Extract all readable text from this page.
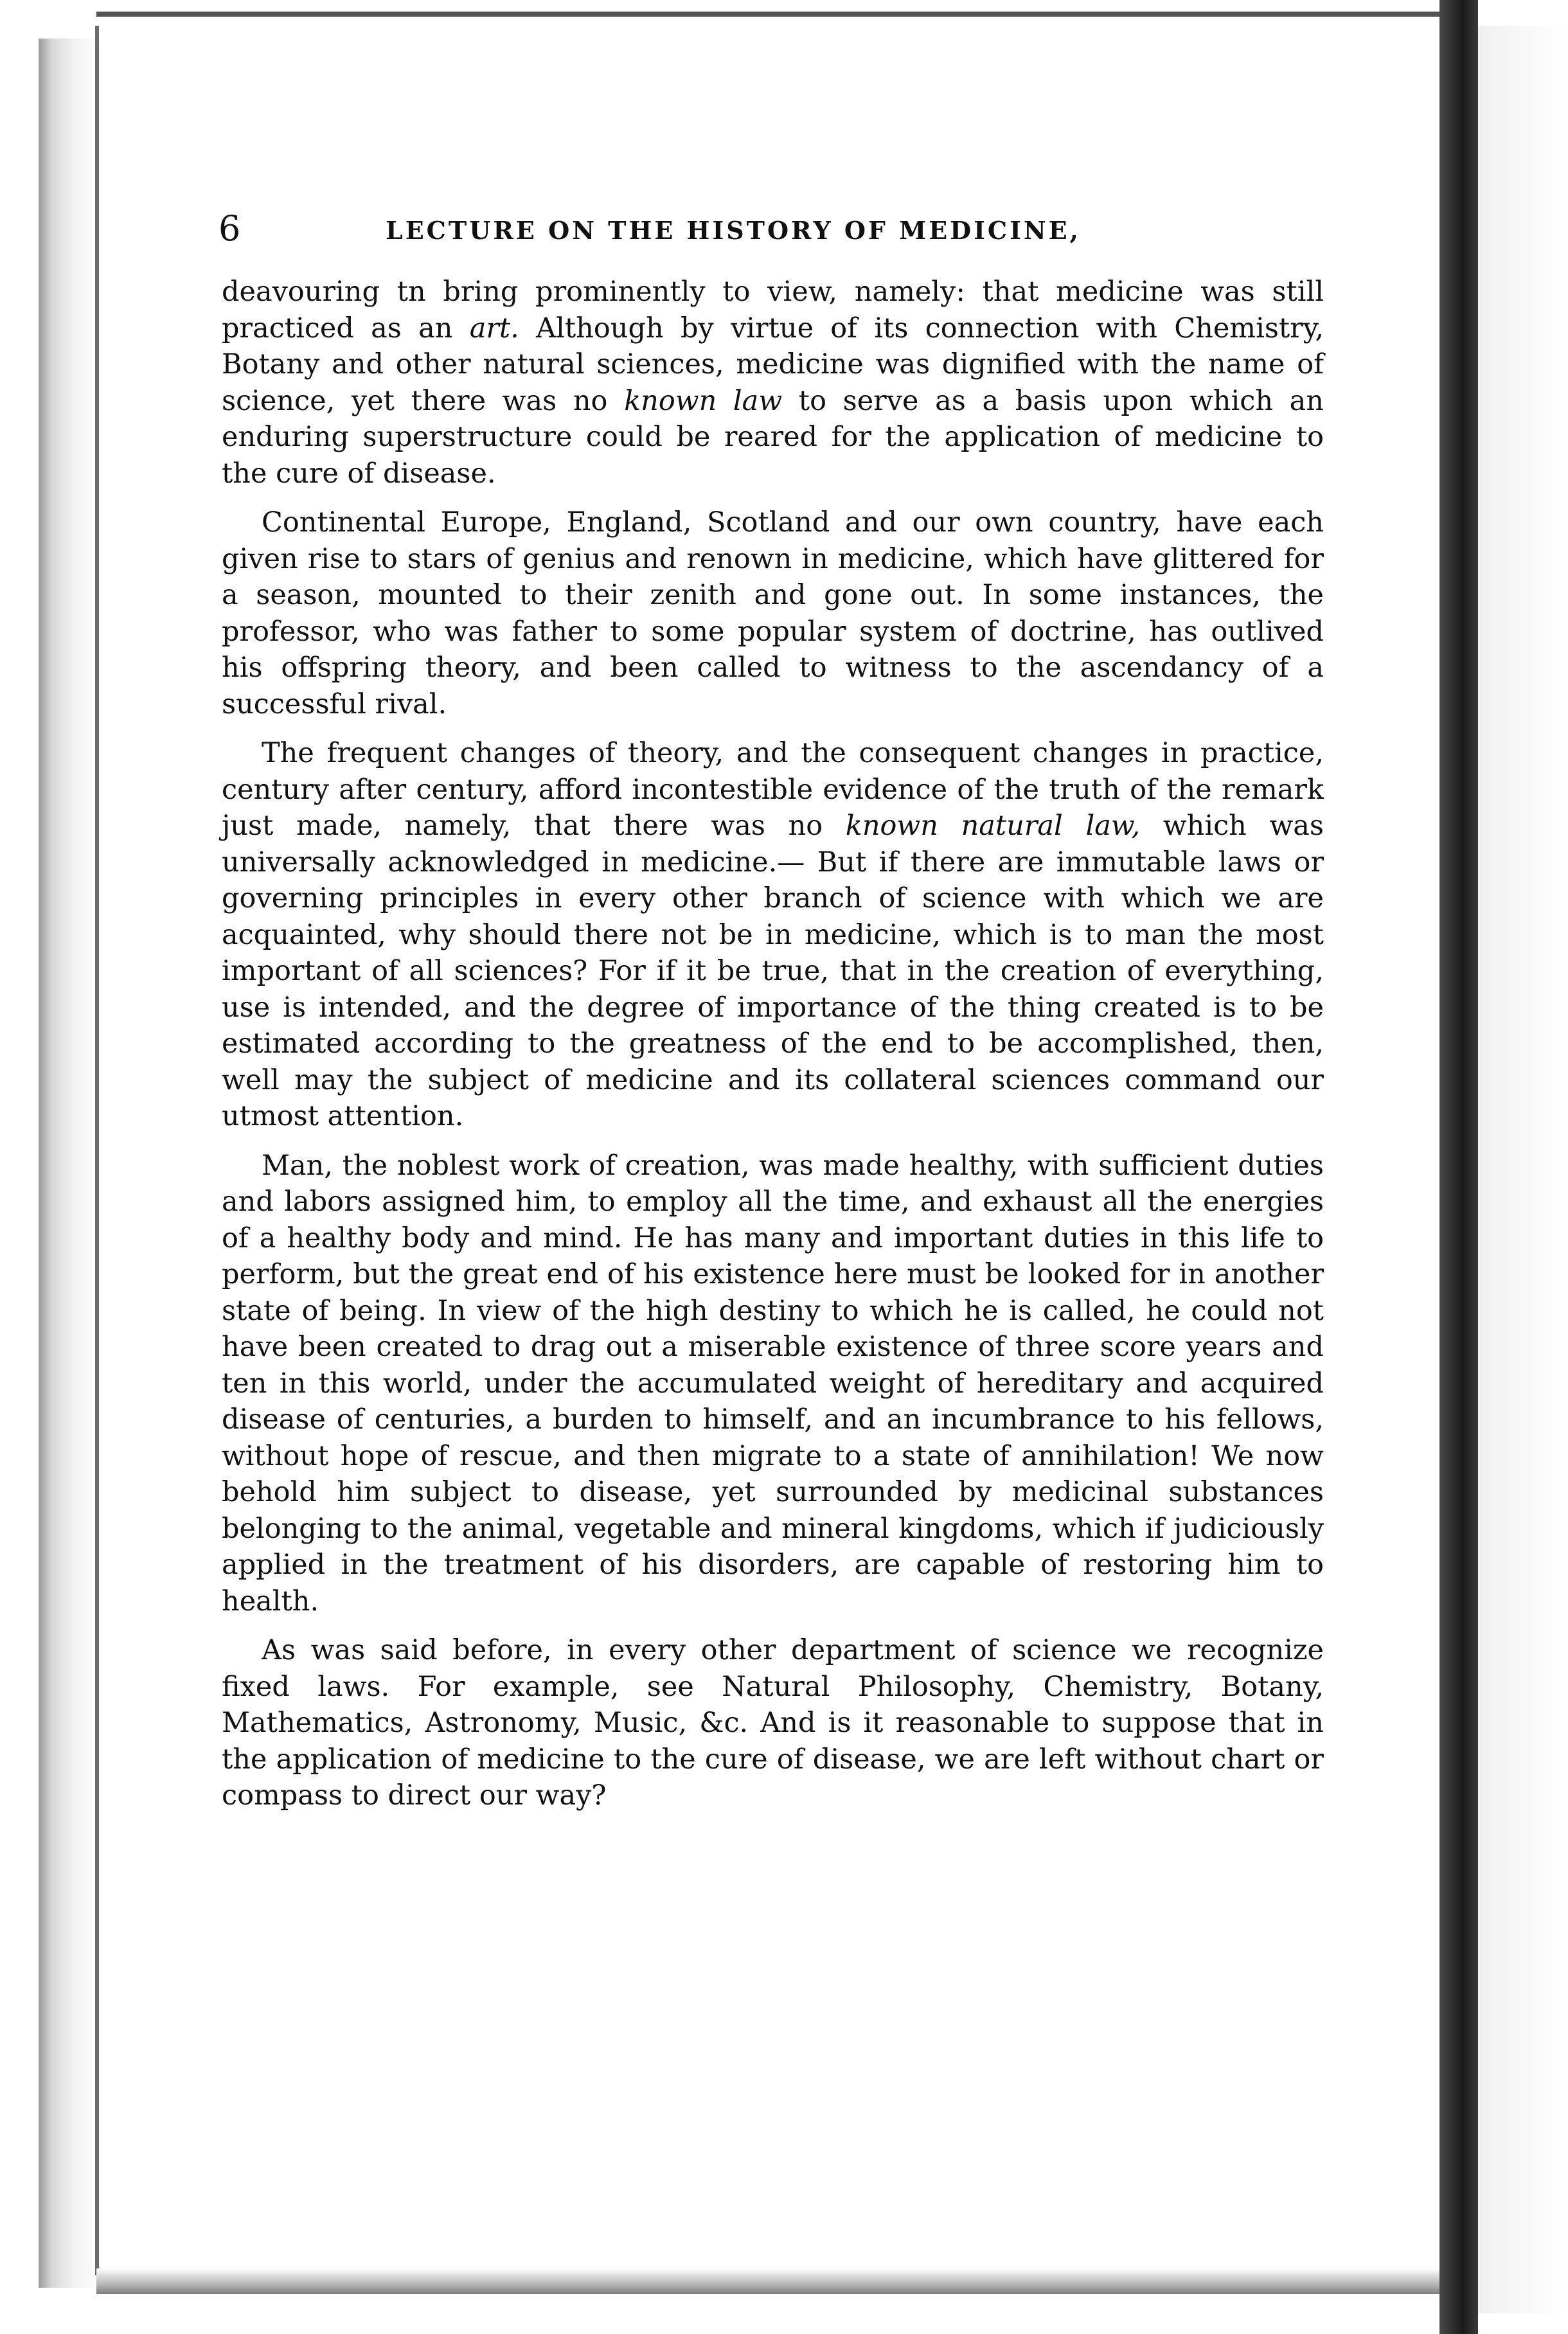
6	LECTURE ON THE HISTORY OF MEDICINE,

deavouring tn bring prominently to view, namely: that medicine was still practiced as an art. Although by virtue of its connection with Chemistry, Botany and other natural sciences, medicine was dignified with the name of science, yet there was no known law to serve as a basis upon which an enduring superstructure could be reared for the application of medicine to the cure of disease.

Continental Europe, England, Scotland and our own country, have each given rise to stars of genius and renown in medicine, which have glittered for a season, mounted to their zenith and gone out. In some instances, the professor, who was father to some popular system of doctrine, has outlived his offspring theory, and been called to witness to the ascendancy of a successful rival.

The frequent changes of theory, and the consequent changes in practice, century after century, afford incontestible evidence of the truth of the remark just made, namely, that there was no known natural law, which was universally acknowledged in medicine.— But if there are immutable laws or governing principles in every other branch of science with which we are acquainted, why should there not be in medicine, which is to man the most important of all sciences? For if it be true, that in the creation of everything, use is intended, and the degree of importance of the thing created is to be estimated according to the greatness of the end to be accomplished, then, well may the subject of medicine and its collateral sciences command our utmost attention.

Man, the noblest work of creation, was made healthy, with sufficient duties and labors assigned him, to employ all the time, and exhaust all the energies of a healthy body and mind. He has many and important duties in this life to perform, but the great end of his existence here must be looked for in another state of being. In view of the high destiny to which he is called, he could not have been created to drag out a miserable existence of three score years and ten in this world, under the accumulated weight of hereditary and acquired disease of centuries, a burden to himself, and an incumbrance to his fellows, without hope of rescue, and then migrate to a state of annihilation! We now behold him subject to disease, yet surrounded by medicinal substances belonging to the animal, vegetable and mineral kingdoms, which if judiciously applied in the treatment of his disorders, are capable of restoring him to health.

As was said before, in every other department of science we recognize fixed laws. For example, see Natural Philosophy, Chemistry, Botany, Mathematics, Astronomy, Music, &c. And is it reasonable to suppose that in the application of medicine to the cure of disease, we are left without chart or compass to direct our way?
